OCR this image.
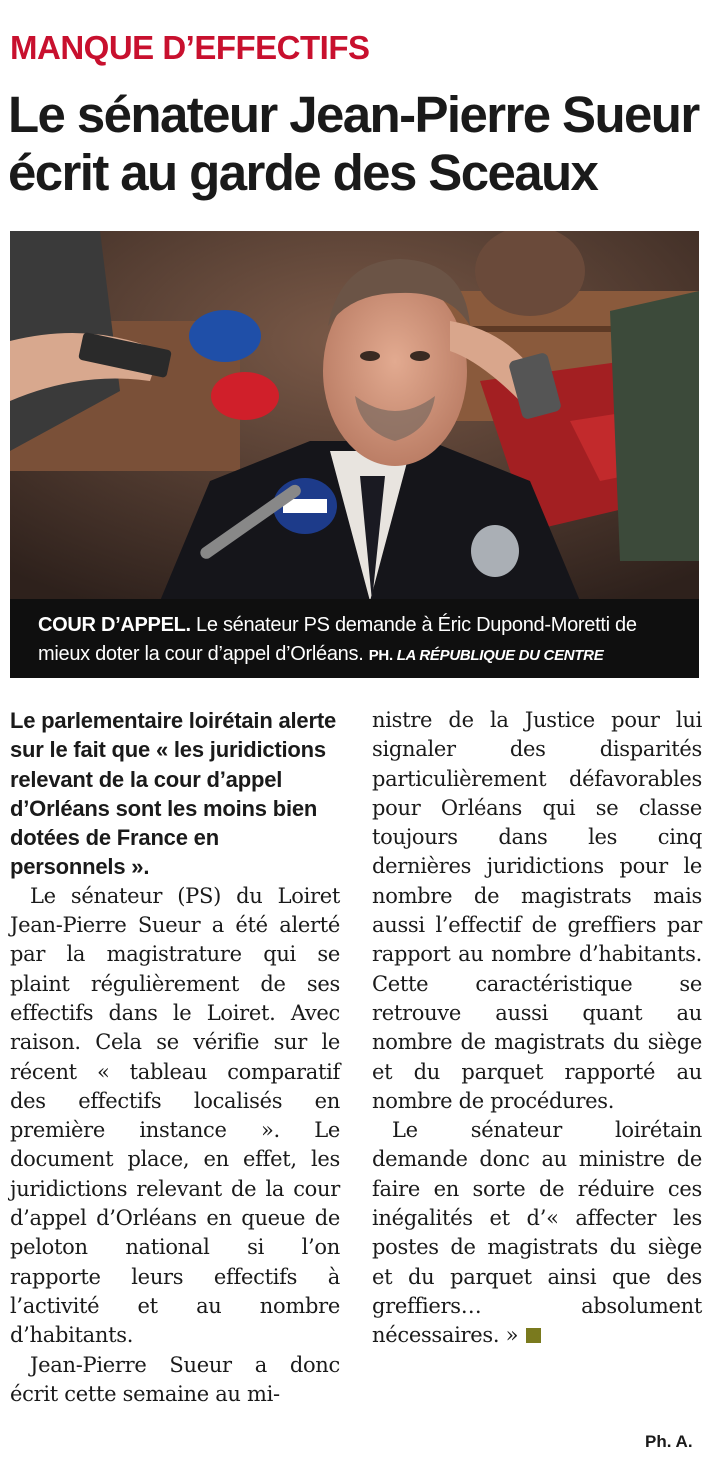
MANQUE D’EFFECTIFS
Le sénateur Jean-Pierre Sueur écrit au garde des Sceaux
COUR D’APPEL. Le sénateur PS demande à Éric Dupond-Moretti de mieux doter la cour d’appel d’Orléans. PH. LA RÉPUBLIQUE DU CENTRE

Le parlementaire loirétain alerte sur le fait que « les juridictions relevant de la cour d’appel d’Orléans sont les moins bien dotées de France en personnels ».

Le sénateur (PS) du Loiret Jean-Pierre Sueur a été alerté par la magistrature qui se plaint régulièrement de ses effectifs dans le Loiret. Avec raison. Cela se vérifie sur le récent « tableau comparatif des effectifs localisés en première instance ». Le document place, en effet, les juridictions relevant de la cour d’appel d’Orléans en queue de peloton national si l’on rapporte leurs effectifs à l’activité et au nombre d’habitants.

Jean-Pierre Sueur a donc écrit cette semaine au mi-

nistre de la Justice pour lui signaler des disparités particulièrement défavorables pour Orléans qui se classe toujours dans les cinq dernières juridictions pour le nombre de magistrats mais aussi l’effectif de greffiers par rapport au nombre d’habitants. Cette caractéristique se retrouve aussi quant au nombre de magistrats du siège et du parquet rapporté au nombre de procédures.

Le sénateur loirétain demande donc au ministre de faire en sorte de réduire ces inégalités et d’« affecter les postes de magistrats du siège et du parquet ainsi que des greffiers… absolument nécessaires. »

Ph. A.
